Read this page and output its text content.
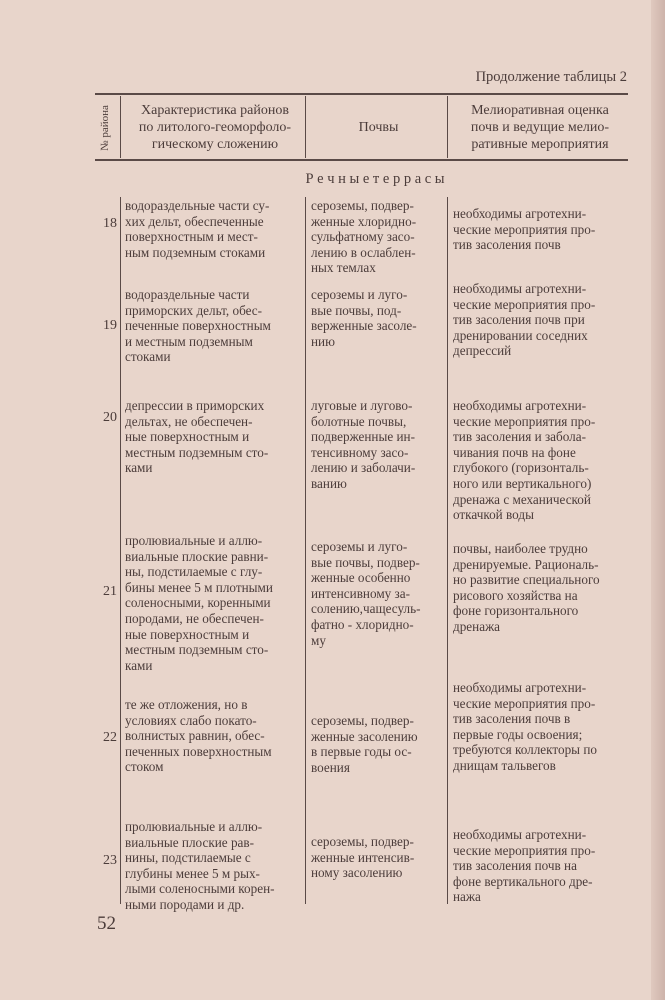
Продолжение таблицы 2
№ района	Характеристика районов
по литолого-геоморфоло-
гическому сложению
Почвы
Мелиоративная оценка
почв и ведущие мелио-
ративные мероприятия
Р е ч н ы е т е р р а с ы
18
водораздельные части су-
хих дельт, обеспеченные
поверхностным и мест-
ным подземным стоками
сероземы, подвер-
женные хлоридно-
сульфатному засо-
лению в ослаблен-
ных темлах
необходимы агротехни-
ческие мероприятия про-
тив засоления почв
19
водораздельные части
приморских дельт, обес-
печенные поверхностным
и местным подземным
стоками
сероземы и луго-
вые почвы, под-
верженные засоле-
нию
необходимы агротехни-
ческие мероприятия про-
тив засоления почв при
дренировании соседних
депрессий
20
депрессии в приморских
дельтах, не обеспечен-
ные поверхностным и
местным подземным сто-
ками
луговые и лугово-
болотные почвы,
подверженные ин-
тенсивному засо-
лению и заболачи-
ванию
необходимы агротехни-
ческие мероприятия про-
тив засоления и забола-
чивания почв на фоне
глубокого (горизонталь-
ного или вертикального)
дренажа с механической
откачкой воды
21
пролювиальные и аллю-
виальные плоские равни-
ны, подстилаемые с глу-
бины менее 5 м плотными
соленосными, коренными
породами, не обеспечен-
ные поверхностным и
местным подземным сто-
ками
сероземы и луго-
вые почвы, подвер-
женные особенно
интенсивному за-
солению,чащесуль-
фатно - хлоридно-
му
почвы, наиболее трудно
дренируемые. Рациональ-
но развитие специального
рисового хозяйства на
фоне горизонтального
дренажа
22
те же отложения, но в
условиях слабо покато-
волнистых равнин, обес-
печенных поверхностным
стоком
сероземы, подвер-
женные засолению
в первые годы ос-
воения
необходимы агротехни-
ческие мероприятия про-
тив засоления почв в
первые годы освоения;
требуются коллекторы по
днищам тальвегов
23
пролювиальные и аллю-
виальные плоские рав-
нины, подстилаемые с
глубины менее 5 м рых-
лыми соленосными корен-
ными породами и др.
сероземы, подвер-
женные интенсив-
ному засолению
необходимы агротехни-
ческие мероприятия про-
тив засоления почв на
фоне вертикального дре-
нажа
52
